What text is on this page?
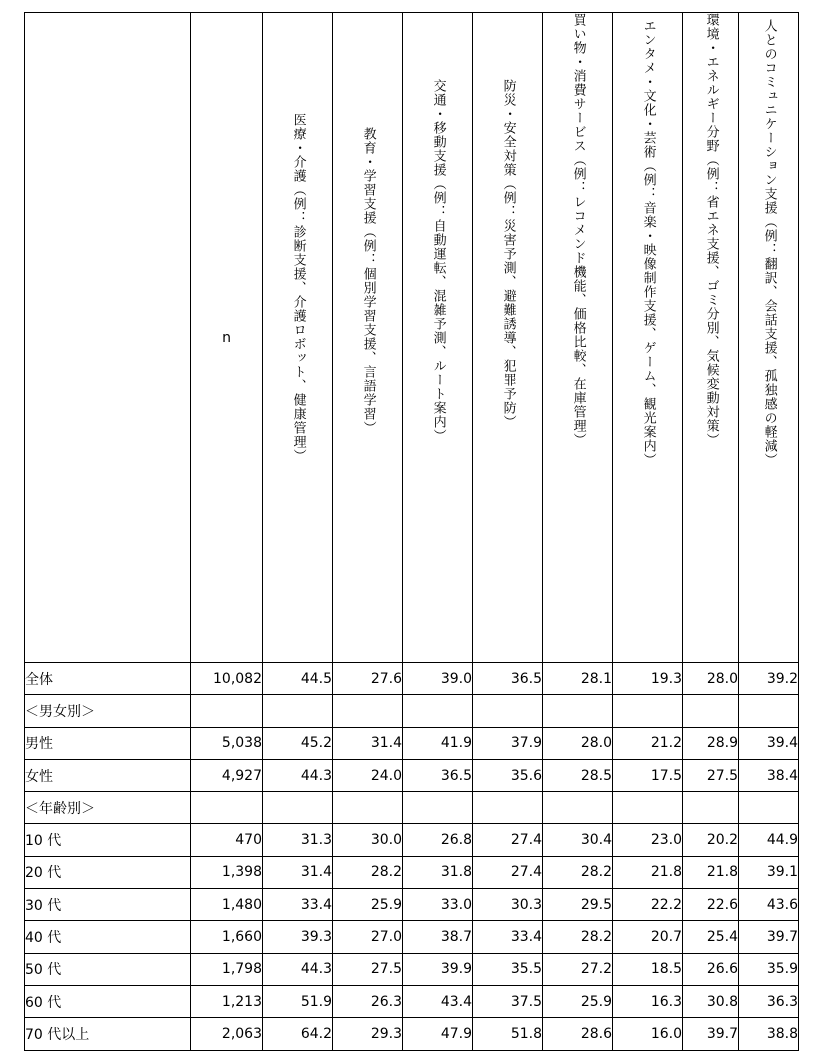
	n	医療・介護（例：診断支援、介護ロボット、健康管理）	教育・学習支援（例：個別学習支援、言語学習）	交通・移動支援（例：自動運転、混雑予測、ルート案内）	防災・安全対策（例：災害予測、避難誘導、犯罪予防）	買い物・消費サービス（例：レコメンド機能、価格比較、在庫管理）	エンタメ・文化・芸術（例：音楽・映像制作支援、ゲーム、観光案内）	環境・エネルギー分野（例：省エネ支援、ゴミ分別、気候変動対策）	人とのコミュニケーション支援（例：翻訳、会話支援、孤独感の軽減）

全体	10,082	44.5	27.6	39.0	36.5	28.1	19.3	28.0	39.2
＜男女別＞									
男性	5,038	45.2	31.4	41.9	37.9	28.0	21.2	28.9	39.4
女性	4,927	44.3	24.0	36.5	35.6	28.5	17.5	27.5	38.4
＜年齢別＞									
10 代	470	31.3	30.0	26.8	27.4	30.4	23.0	20.2	44.9
20 代	1,398	31.4	28.2	31.8	27.4	28.2	21.8	21.8	39.1
30 代	1,480	33.4	25.9	33.0	30.3	29.5	22.2	22.6	43.6
40 代	1,660	39.3	27.0	38.7	33.4	28.2	20.7	25.4	39.7
50 代	1,798	44.3	27.5	39.9	35.5	27.2	18.5	26.6	35.9
60 代	1,213	51.9	26.3	43.4	37.5	25.9	16.3	30.8	36.3
70 代以上	2,063	64.2	29.3	47.9	51.8	28.6	16.0	39.7	38.8
